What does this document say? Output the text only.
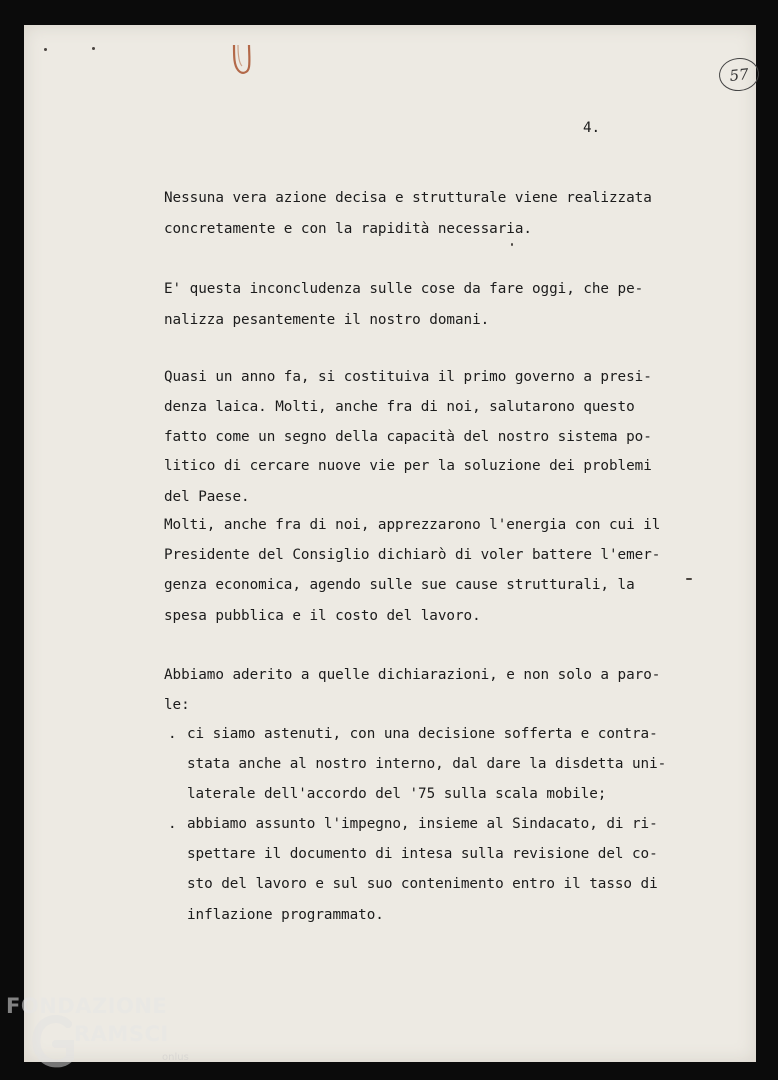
57
4.
Nessuna vera azione decisa e strutturale viene realizzata
concretamente e con la rapidità necessaria.
E' questa inconcludenza sulle cose da fare oggi, che pe-
nalizza pesantemente il nostro domani.
Quasi un anno fa, si costituiva il primo governo a presi-
denza laica. Molti, anche fra di noi, salutarono questo
fatto come un segno della capacità del nostro sistema po-
litico di cercare nuove vie per la soluzione dei problemi
del Paese.
Molti, anche fra di noi, apprezzarono l'energia con cui il
Presidente del Consiglio dichiarò di voler battere l'emer-
genza economica, agendo sulle sue cause strutturali, la
spesa pubblica e il costo del lavoro.
Abbiamo aderito a quelle dichiarazioni, e non solo a paro-
le:
. ci siamo astenuti, con una decisione sofferta e contra-
stata anche al nostro interno, dal dare la disdetta uni-
laterale dell'accordo del '75 sulla scala mobile;
. abbiamo assunto l'impegno, insieme al Sindacato, di ri-
spettare il documento di intesa sulla revisione del co-
sto del lavoro e sul suo contenimento entro il tasso di
inflazione programmato.
FONDAZIONE
RAMSCI
onlus
